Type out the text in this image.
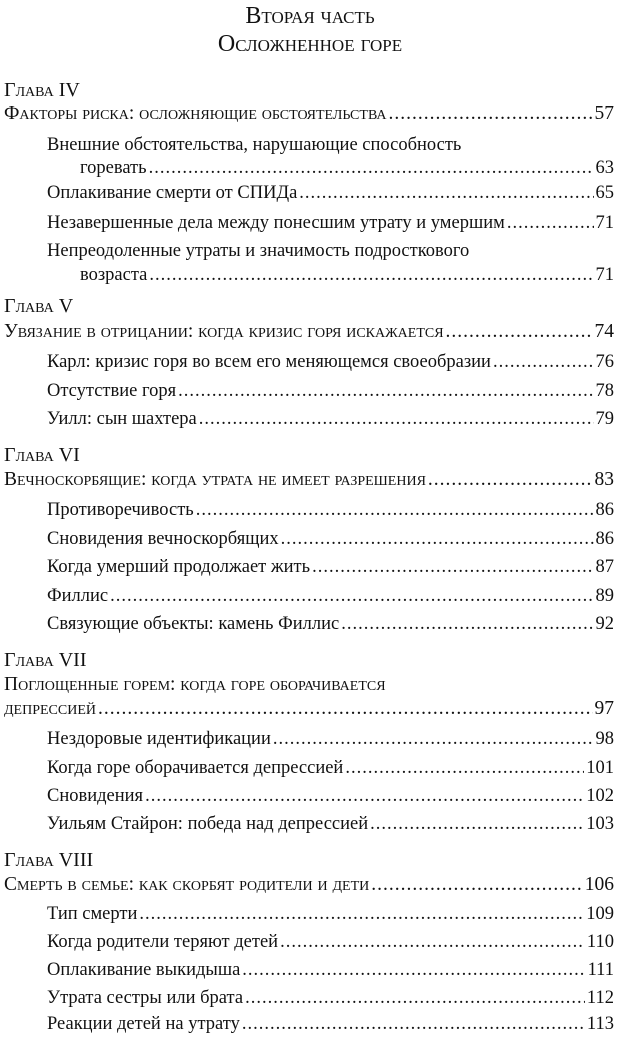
Вторая часть
Осложненное горе
Глава IV
Факторы риска: осложняющие обстоятельства .....	57
Внешние обстоятельства, нарушающие способность
горевать .....	63
Оплакивание смерти от СПИДа .....	65
Незавершенные дела между понесшим утрату и умершим .....	71
Непреодоленные утраты и значимость подросткового
возраста .....	71
Глава V
Увязание в отрицании: когда кризис горя искажается .....	74
Карл: кризис горя во всем его меняющемся своеобразии .....	76
Отсутствие горя .....	78
Уилл: сын шахтера .....	79
Глава VI
Вечноскорбящие: когда утрата не имеет разрешения .....	83
Противоречивость .....	86
Сновидения вечноскорбящих .....	86
Когда умерший продолжает жить .....	87
Филлис .....	89
Связующие объекты: камень Филлис .....	92
Глава VII
Поглощенные горем: когда горе оборачивается
депрессией .....	97
Нездоровые идентификации .....	98
Когда горе оборачивается депрессией .....	101
Сновидения .....	102
Уильям Стайрон: победа над депрессией .....	103
Глава VIII
Смерть в семье: как скорбят родители и дети .....	106
Тип смерти .....	109
Когда родители теряют детей .....	110
Оплакивание выкидыша .....	111
Утрата сестры или брата .....	112
Реакции детей на утрату .....	113
